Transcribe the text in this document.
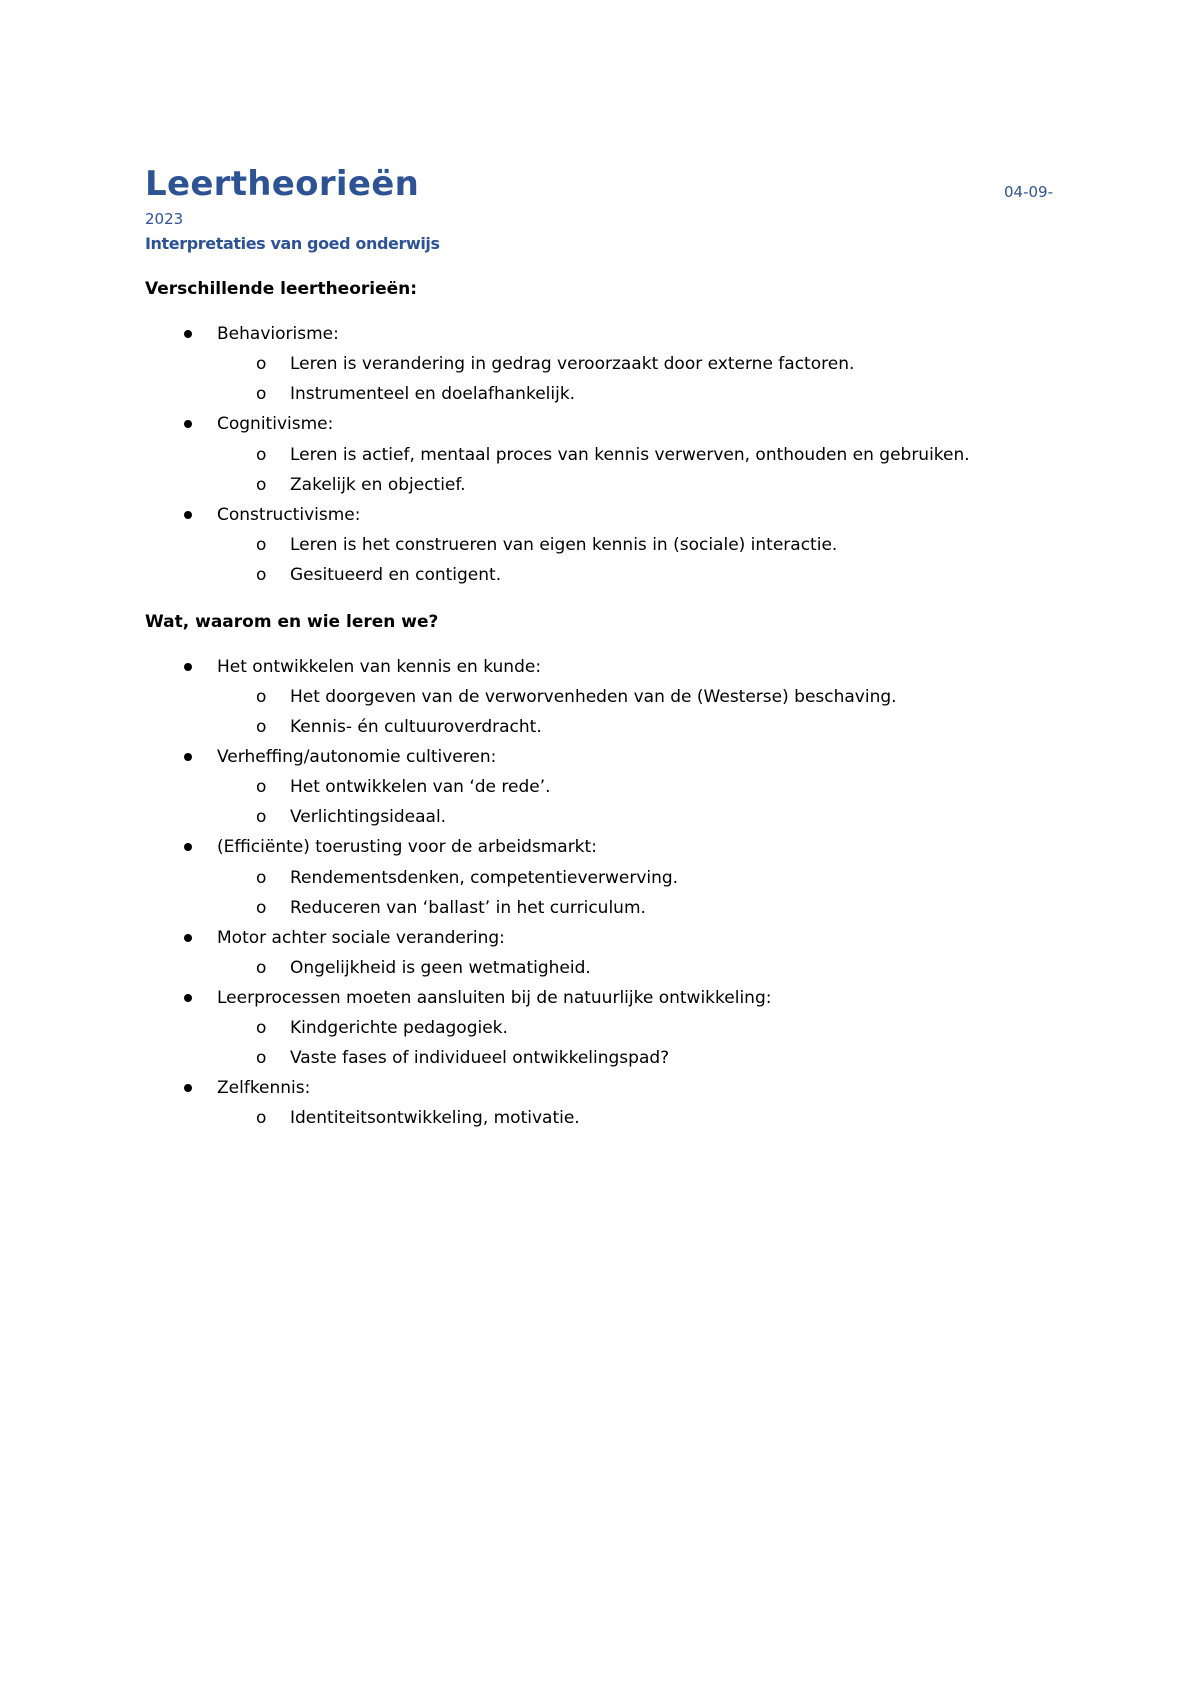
Leertheorieën	04-09-
2023
Interpretaties van goed onderwijs
Verschillende leertheorieën:
Behaviorisme:
o Leren is verandering in gedrag veroorzaakt door externe factoren.
o Instrumenteel en doelafhankelijk.
Cognitivisme:
o Leren is actief, mentaal proces van kennis verwerven, onthouden en gebruiken.
o Zakelijk en objectief.
Constructivisme:
o Leren is het construeren van eigen kennis in (sociale) interactie.
o Gesitueerd en contigent.
Wat, waarom en wie leren we?
Het ontwikkelen van kennis en kunde:
o Het doorgeven van de verworvenheden van de (Westerse) beschaving.
o Kennis- én cultuuroverdracht.
Verheffing/autonomie cultiveren:
o Het ontwikkelen van ‘de rede’.
o Verlichtingsideaal.
(Efficiënte) toerusting voor de arbeidsmarkt:
o Rendementsdenken, competentieverwerving.
o Reduceren van ‘ballast’ in het curriculum.
Motor achter sociale verandering:
o Ongelijkheid is geen wetmatigheid.
Leerprocessen moeten aansluiten bij de natuurlijke ontwikkeling:
o Kindgerichte pedagogiek.
o Vaste fases of individueel ontwikkelingspad?
Zelfkennis:
o Identiteitsontwikkeling, motivatie.
